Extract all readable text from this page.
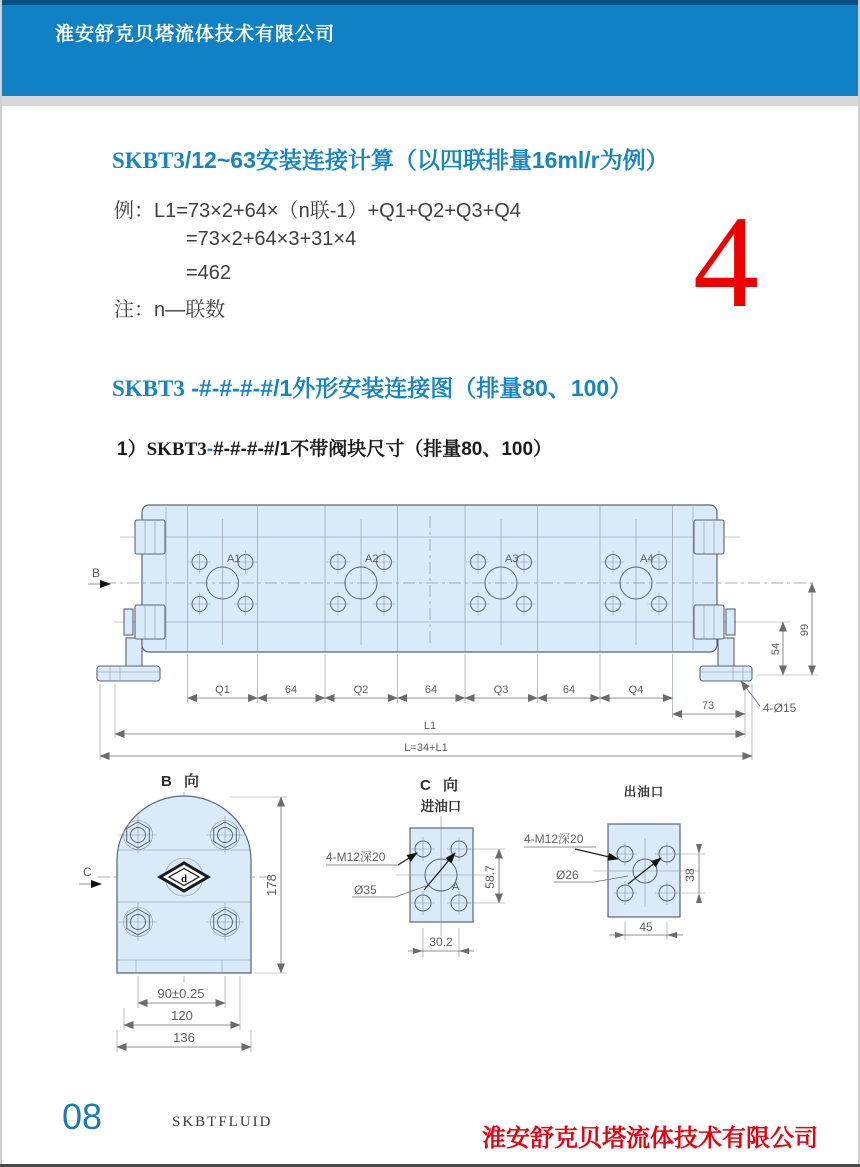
淮安舒克贝塔流体技术有限公司
SKBT3/12~63安装连接计算（以四联排量16ml/r为例）
例：L1=73×2+64×（n联-1）+Q1+Q2+Q3+Q4
=73×2+64×3+31×4
=462
注：n—联数	4
SKBT3 -#-#-#-#/1外形安装连接图（排量80、100）
1）SKBT3-#-#-#-#/1不带阀块尺寸（排量80、100）
A1	A2	A3	A4
B
Q1	64	Q2	64	Q3	64	Q4
73
L1
L=34+L1
4-Ø15
54
99
B 向
d
C
178
90±0.25
120
136
C 向
进油口
4-M12深20
Ø35	A 58.7
30.2
出油口
4-M12深20
Ø26	38
45
08	SKBTFLUID
淮安舒克贝塔流体技术有限公司
